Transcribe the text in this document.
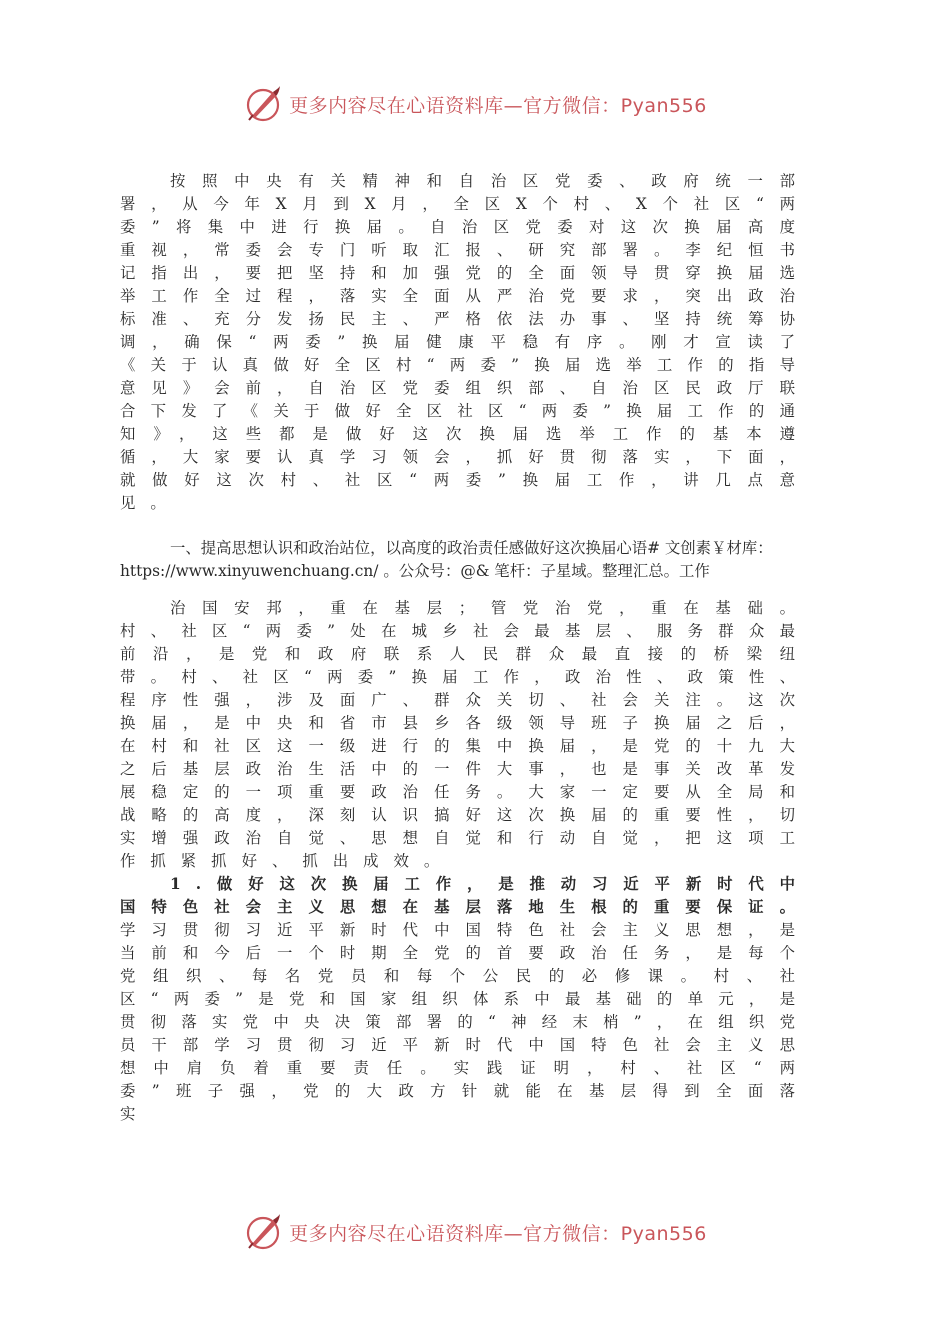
更多内容尽在心语资料库—官方微信：Pyan556

按照中央有关精神和自治区党委、政府统一部署，从今年X月到X月，全区X个村、X个社区“两委”将集中进行换届。自治区党委对这次换届高度重视，常委会专门听取汇报、研究部署。李纪恒书记指出，要把坚持和加强党的全面领导贯穿换届选举工作全过程，落实全面从严治党要求，突出政治标准、充分发扬民主、严格依法办事、坚持统筹协调，确保“两委”换届健康平稳有序。刚才宣读了《关于认真做好全区村“两委”换届选举工作的指导意见》会前，自治区党委组织部、自治区民政厅联合下发了《关于做好全区社区“两委”换届工作的通知》，这些都是做好这次换届选举工作的基本遵循，大家要认真学习领会，抓好贯彻落实，下面，就做好这次村、社区“两委”换届工作，讲几点意见。

一、提高思想认识和政治站位，以高度的政治责任感做好这次换届心语# 文创素￥材库：https://www.xinyuwenchuang.cn/ 。公众号：@& 笔杆：子星域。整理汇总。工作

治国安邦，重在基层；管党治党，重在基础。村、社区“两委”处在城乡社会最基层、服务群众最前沿，是党和政府联系人民群众最直接的桥梁纽带。村、社区“两委”换届工作，政治性、政策性、程序性强，涉及面广、群众关切、社会关注。这次换届，是中央和省市县乡各级领导班子换届之后，在村和社区这一级进行的集中换届，是党的十九大之后基层政治生活中的一件大事，也是事关改革发展稳定的一项重要政治任务。大家一定要从全局和战略的高度，深刻认识搞好这次换届的重要性，切实增强政治自觉、思想自觉和行动自觉，把这项工作抓紧抓好、抓出成效。

1.做好这次换届工作，是推动习近平新时代中国特色社会主义思想在基层落地生根的重要保证。学习贯彻习近平新时代中国特色社会主义思想，是当前和今后一个时期全党的首要政治任务，是每个党组织、每名党员和每个公民的必修课。村、社区“两委”是党和国家组织体系中最基础的单元，是贯彻落实党中央决策部署的“神经末梢”，在组织党员干部学习贯彻习近平新时代中国特色社会主义思想中肩负着重要责任。实践证明，村、社区“两委”班子强，党的大政方针就能在基层得到全面落实

更多内容尽在心语资料库—官方微信：Pyan556
